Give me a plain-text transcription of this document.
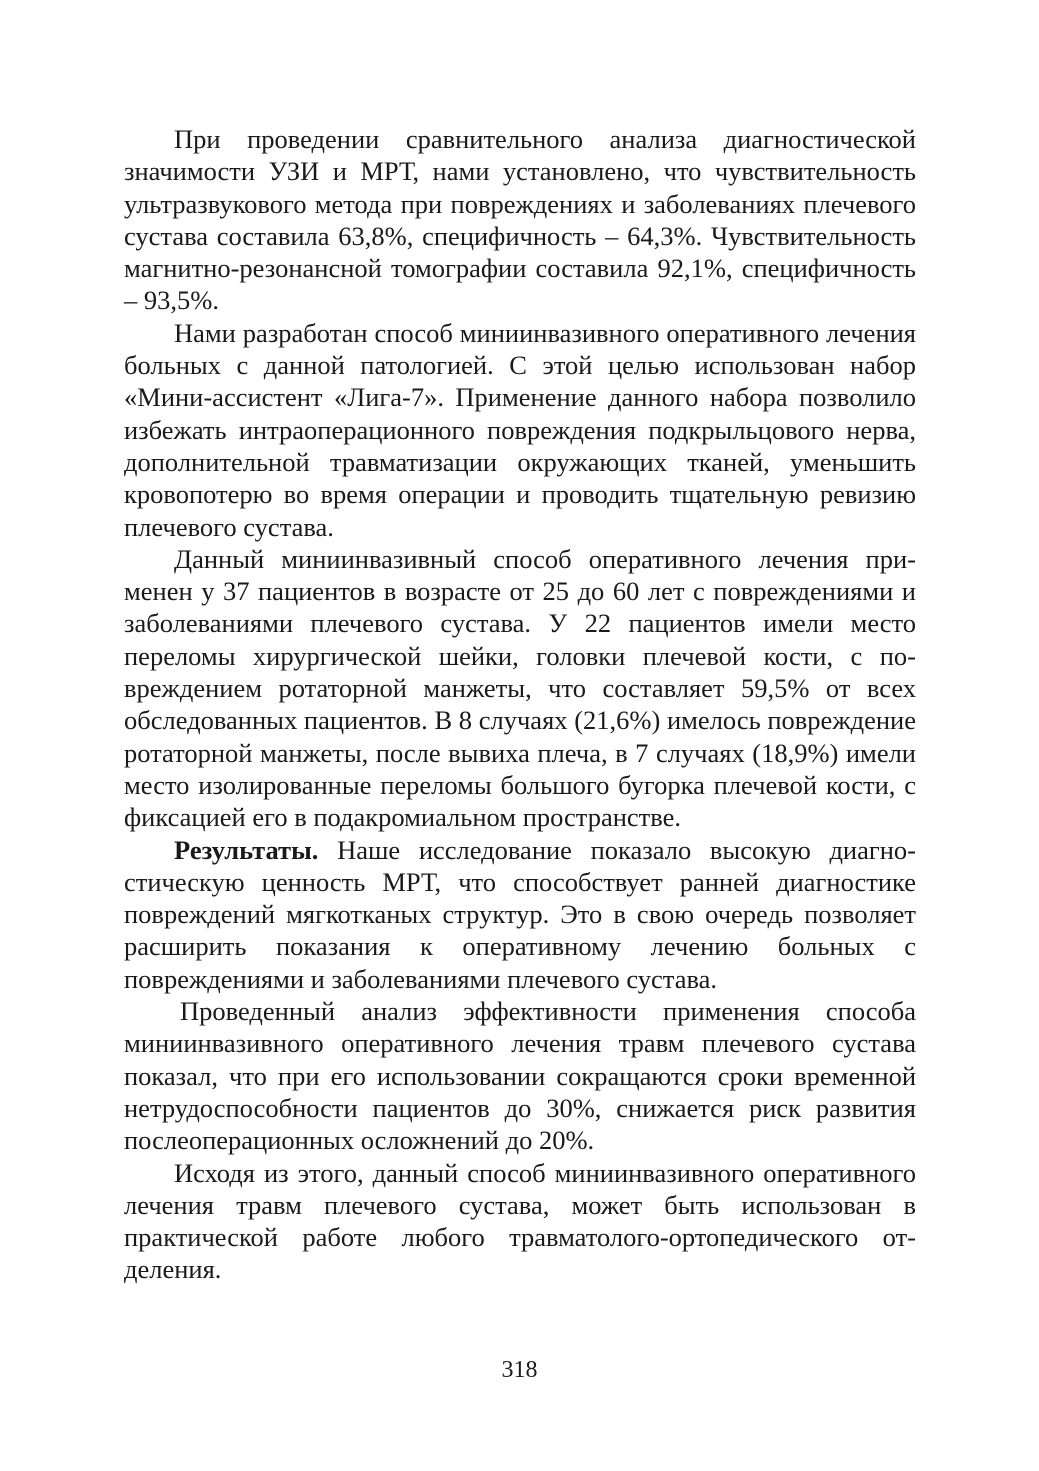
При проведении сравнительного анализа диагностической значимости УЗИ и МРТ, нами установлено, что чувствительность ультразвукового метода при повреждениях и заболеваниях плечевого сустава составила 63,8%, специфичность – 64,3%. Чувствительность магнитно-резонансной томографии составила 92,1%, специфичность – 93,5%.

Нами разработан способ миниинвазивного оперативного лечения больных с данной патологией. С этой целью использован набор «Мини-ассистент «Лига-7». Применение данного набора позволило избежать интраоперационного повреждения подкрыльцового нерва, дополнительной травматизации окружающих тканей, уменьшить кровопотерю во время операции и проводить тщательную ревизию плечевого сустава.

Данный миниинвазивный способ оперативного лечения применен у 37 пациентов в возрасте от 25 до 60 лет с повреждениями и заболеваниями плечевого сустава. У 22 пациентов имели место переломы хирургической шейки, головки плечевой кости, с повреждением ротаторной манжеты, что составляет 59,5% от всех обследованных пациентов. В 8 случаях (21,6%) имелось повреждение ротаторной манжеты, после вывиха плеча, в 7 случаях (18,9%) имели место изолированные переломы большого бугорка плечевой кости, с фиксацией его в подакромиальном пространстве.

Результаты. Наше исследование показало высокую диагностическую ценность МРТ, что способствует ранней диагностике повреждений мягкотканых структур. Это в свою очередь позволяет расширить показания к оперативному лечению больных с повреждениями и заболеваниями плечевого сустава.

Проведенный анализ эффективности применения способа миниинвазивного оперативного лечения травм плечевого сустава показал, что при его использовании сокращаются сроки временной нетрудоспособности пациентов до 30%, снижается риск развития послеоперационных осложнений до 20%.

Исходя из этого, данный способ миниинвазивного оперативного лечения травм плечевого сустава, может быть использован в практической работе любого травматолого-ортопедического отделения.

318
